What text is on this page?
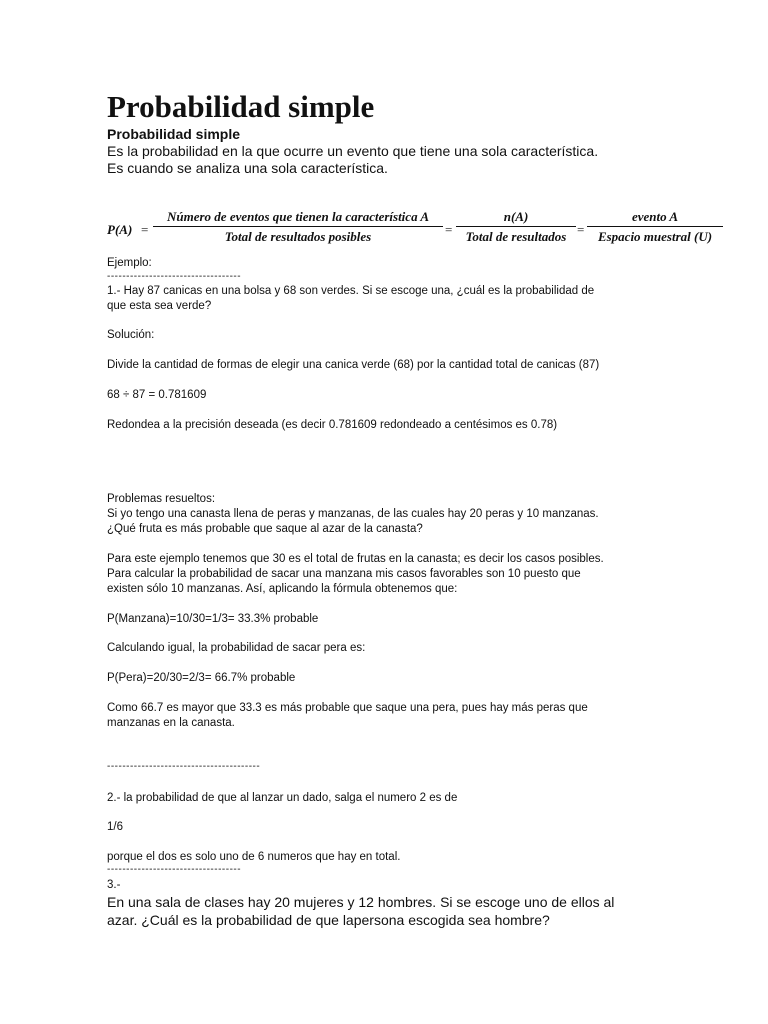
Probabilidad simple

Probabilidad simple

Es la probabilidad en la que ocurre un evento que tiene una sola característica.

Es cuando se analiza una sola característica.

P(A) =
Número de eventos que tienen la característica A
Total de resultados posibles	=
n(A)
Total de resultados =
evento A
Espacio muestral (U)

Ejemplo:

-----------------------------------

1.- Hay 87 canicas en una bolsa y 68 son verdes. Si se escoge una, ¿cuál es la probabilidad de

que esta sea verde?

Solución:

Divide la cantidad de formas de elegir una canica verde (68) por la cantidad total de canicas (87)

68 ÷ 87 = 0.781609

Redondea a la precisión deseada (es decir 0.781609 redondeado a centésimos es 0.78)

Problemas resueltos:

Si yo tengo una canasta llena de peras y manzanas, de las cuales hay 20 peras y 10 manzanas.

¿Qué fruta es más probable que saque al azar de la canasta?

Para este ejemplo tenemos que 30 es el total de frutas en la canasta; es decir los casos posibles.

Para calcular la probabilidad de sacar una manzana mis casos favorables son 10 puesto que

existen sólo 10 manzanas. Así, aplicando la fórmula obtenemos que:

P(Manzana)=10/30=1/3= 33.3% probable

Calculando igual, la probabilidad de sacar pera es:

P(Pera)=20/30=2/3= 66.7% probable

Como 66.7 es mayor que 33.3 es más probable que saque una pera, pues hay más peras que

manzanas en la canasta.

----------------------------------------

2.- la probabilidad de que al lanzar un dado, salga el numero 2 es de

1/6

porque el dos es solo uno de 6 numeros que hay en total.

-----------------------------------

3.-

En una sala de clases hay 20 mujeres y 12 hombres. Si se escoge uno de ellos al

azar. ¿Cuál es la probabilidad de que lapersona escogida sea hombre?
